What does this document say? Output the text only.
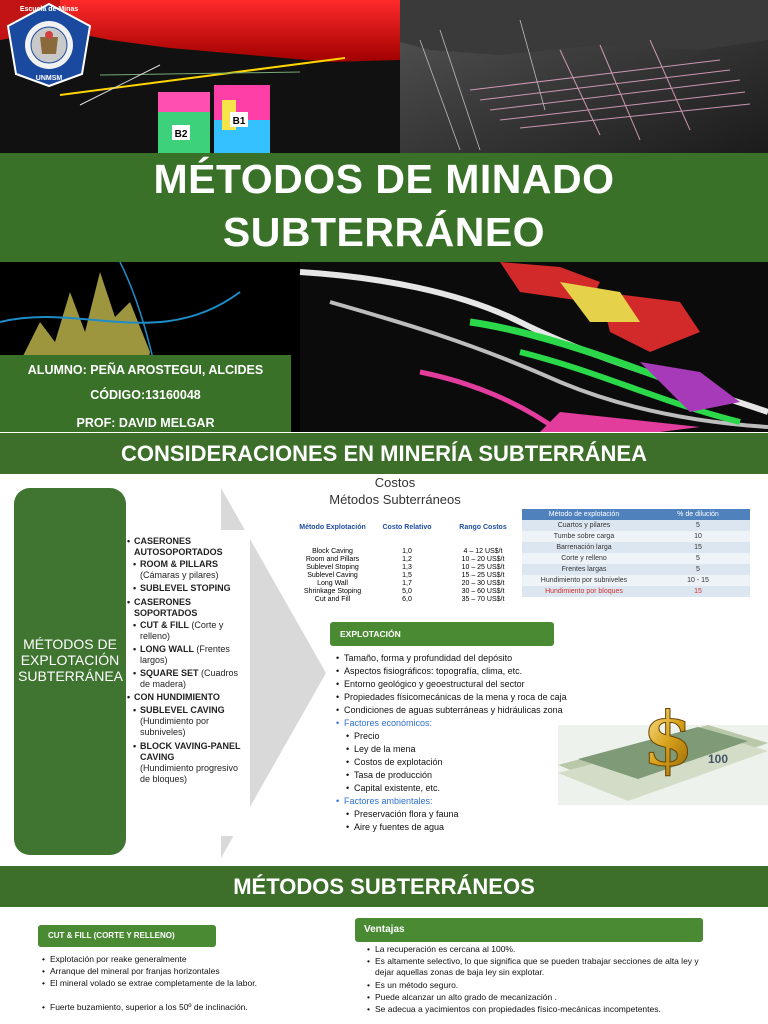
B2
B1
Escuela de Minas
UNMSM
MÉTODOS DE MINADO
SUBTERRÁNEO
ALUMNO: PEÑA AROSTEGUI, ALCIDES
CÓDIGO:13160048
PROF: DAVID MELGAR
CONSIDERACIONES EN MINERÍA SUBTERRÁNEA
MÉTODOS DE EXPLOTACIÓN SUBTERRÁNEA
• CASERONES AUTOSOPORTADOS
• ROOM & PILLARS
(Cámaras y pilares)
• SUBLEVEL STOPING
• CASERONES SOPORTADOS
• CUT & FILL (Corte y relleno)
• LONG WALL (Frentes largos)
• SQUARE SET (Cuadros de madera)
• CON HUNDIMIENTO
• SUBLEVEL CAVING
(Hundimiento por subniveles)
• BLOCK VAVING-PANEL CAVING
(Hundimiento progresivo de bloques)
Costos
Métodos Subterráneos
Método Explotación	Costo Relativo	Rango Costos
Block Caving	1,0	4 – 12 US$/t
Room and Pillars	1,2	10 – 20 US$/t
Sublevel Stoping	1,3	10 – 25 US$/t
Sublevel Caving	1,5	15 – 25 US$/t
Long Wall	1,7	20 – 30 US$/t
Shrinkage Stoping	5,0	30 – 60 US$/t
Cut and Fill	6,0	35 – 70 US$/t
Método de explotación	% de dilución
Cuartos y pilares	5
Tumbe sobre carga	10
Barrenación larga	15
Corte y relleno	5
Frentes largas	5
Hundimiento por subniveles	10 - 15
Hundimiento por bloques	15
EXPLOTACIÓN
• Tamaño, forma y profundidad del depósito
• Aspectos fisiográficos: topografía, clima, etc.
• Entorno geológico y geoestructural del sector
• Propiedades físicomecánicas de la mena y roca de caja
• Condiciones de aguas subterráneas y hidráulicas zona
• Factores económicos:
• Precio
• Ley de la mena
• Costos de explotación
• Tasa de producción
• Capital existente, etc.
• Factores ambientales:
• Preservación flora y fauna
• Aire y fuentes de agua
100
$
MÉTODOS SUBTERRÁNEOS
CUT & FILL (CORTE Y RELLENO)
• Explotación por reake generalmente
• Arranque del mineral por franjas horizontales
• El mineral volado se extrae completamente de la labor.
• Fuerte buzamiento, superior a los 50º de inclinación.
Ventajas
• La recuperación es cercana al 100%.
• Es altamente selectivo, lo que significa que se pueden trabajar secciones de alta ley y dejar aquellas zonas de baja ley sin explotar.
• Es un método seguro.
• Puede alcanzar un alto grado de mecanización .
• Se adecua a yacimientos con propiedades físico-mecánicas incompetentes.
